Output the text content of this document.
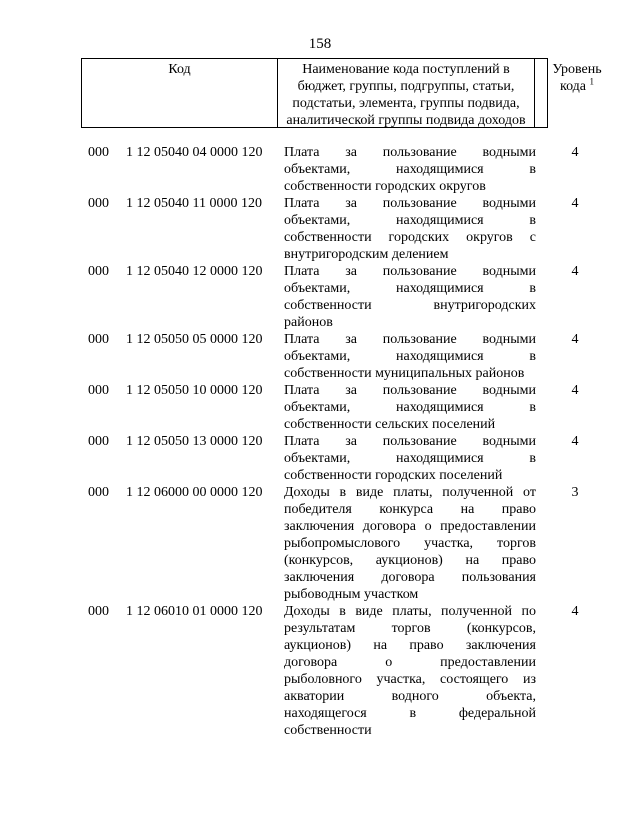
158
Код	Наименование кода поступлений в
бюджет, группы, подгруппы, статьи,
подстатьи, элемента, группы подвида,
аналитической группы подвида доходов
Уровень
кода $^1$
000	1 12 05040 04 0000 120	Плата за пользование водными
объектами, находящимися в
собственности городских округов
4
000	1 12 05040 11 0000 120	Плата за пользование водными
объектами, находящимися в
собственности городских округов с
внутригородским делением
4
000	1 12 05040 12 0000 120	Плата за пользование водными
объектами, находящимися в
собственности внутригородских
районов
4
000	1 12 05050 05 0000 120	Плата за пользование водными
объектами, находящимися в
собственности муниципальных районов
4
000	1 12 05050 10 0000 120	Плата за пользование водными
объектами, находящимися в
собственности сельских поселений
4
000	1 12 05050 13 0000 120	Плата за пользование водными
объектами, находящимися в
собственности городских поселений
4
000	1 12 06000 00 0000 120	Доходы в виде платы, полученной от
победителя конкурса на право
заключения договора о предоставлении
рыбопромыслового участка, торгов
(конкурсов, аукционов) на право
заключения договора пользования
рыбоводным участком
3
000	1 12 06010 01 0000 120	Доходы в виде платы, полученной по
результатам торгов (конкурсов,
аукционов) на право заключения
договора о предоставлении
рыболовного участка, состоящего из
акватории водного объекта,
находящегося в федеральной
собственности
4
